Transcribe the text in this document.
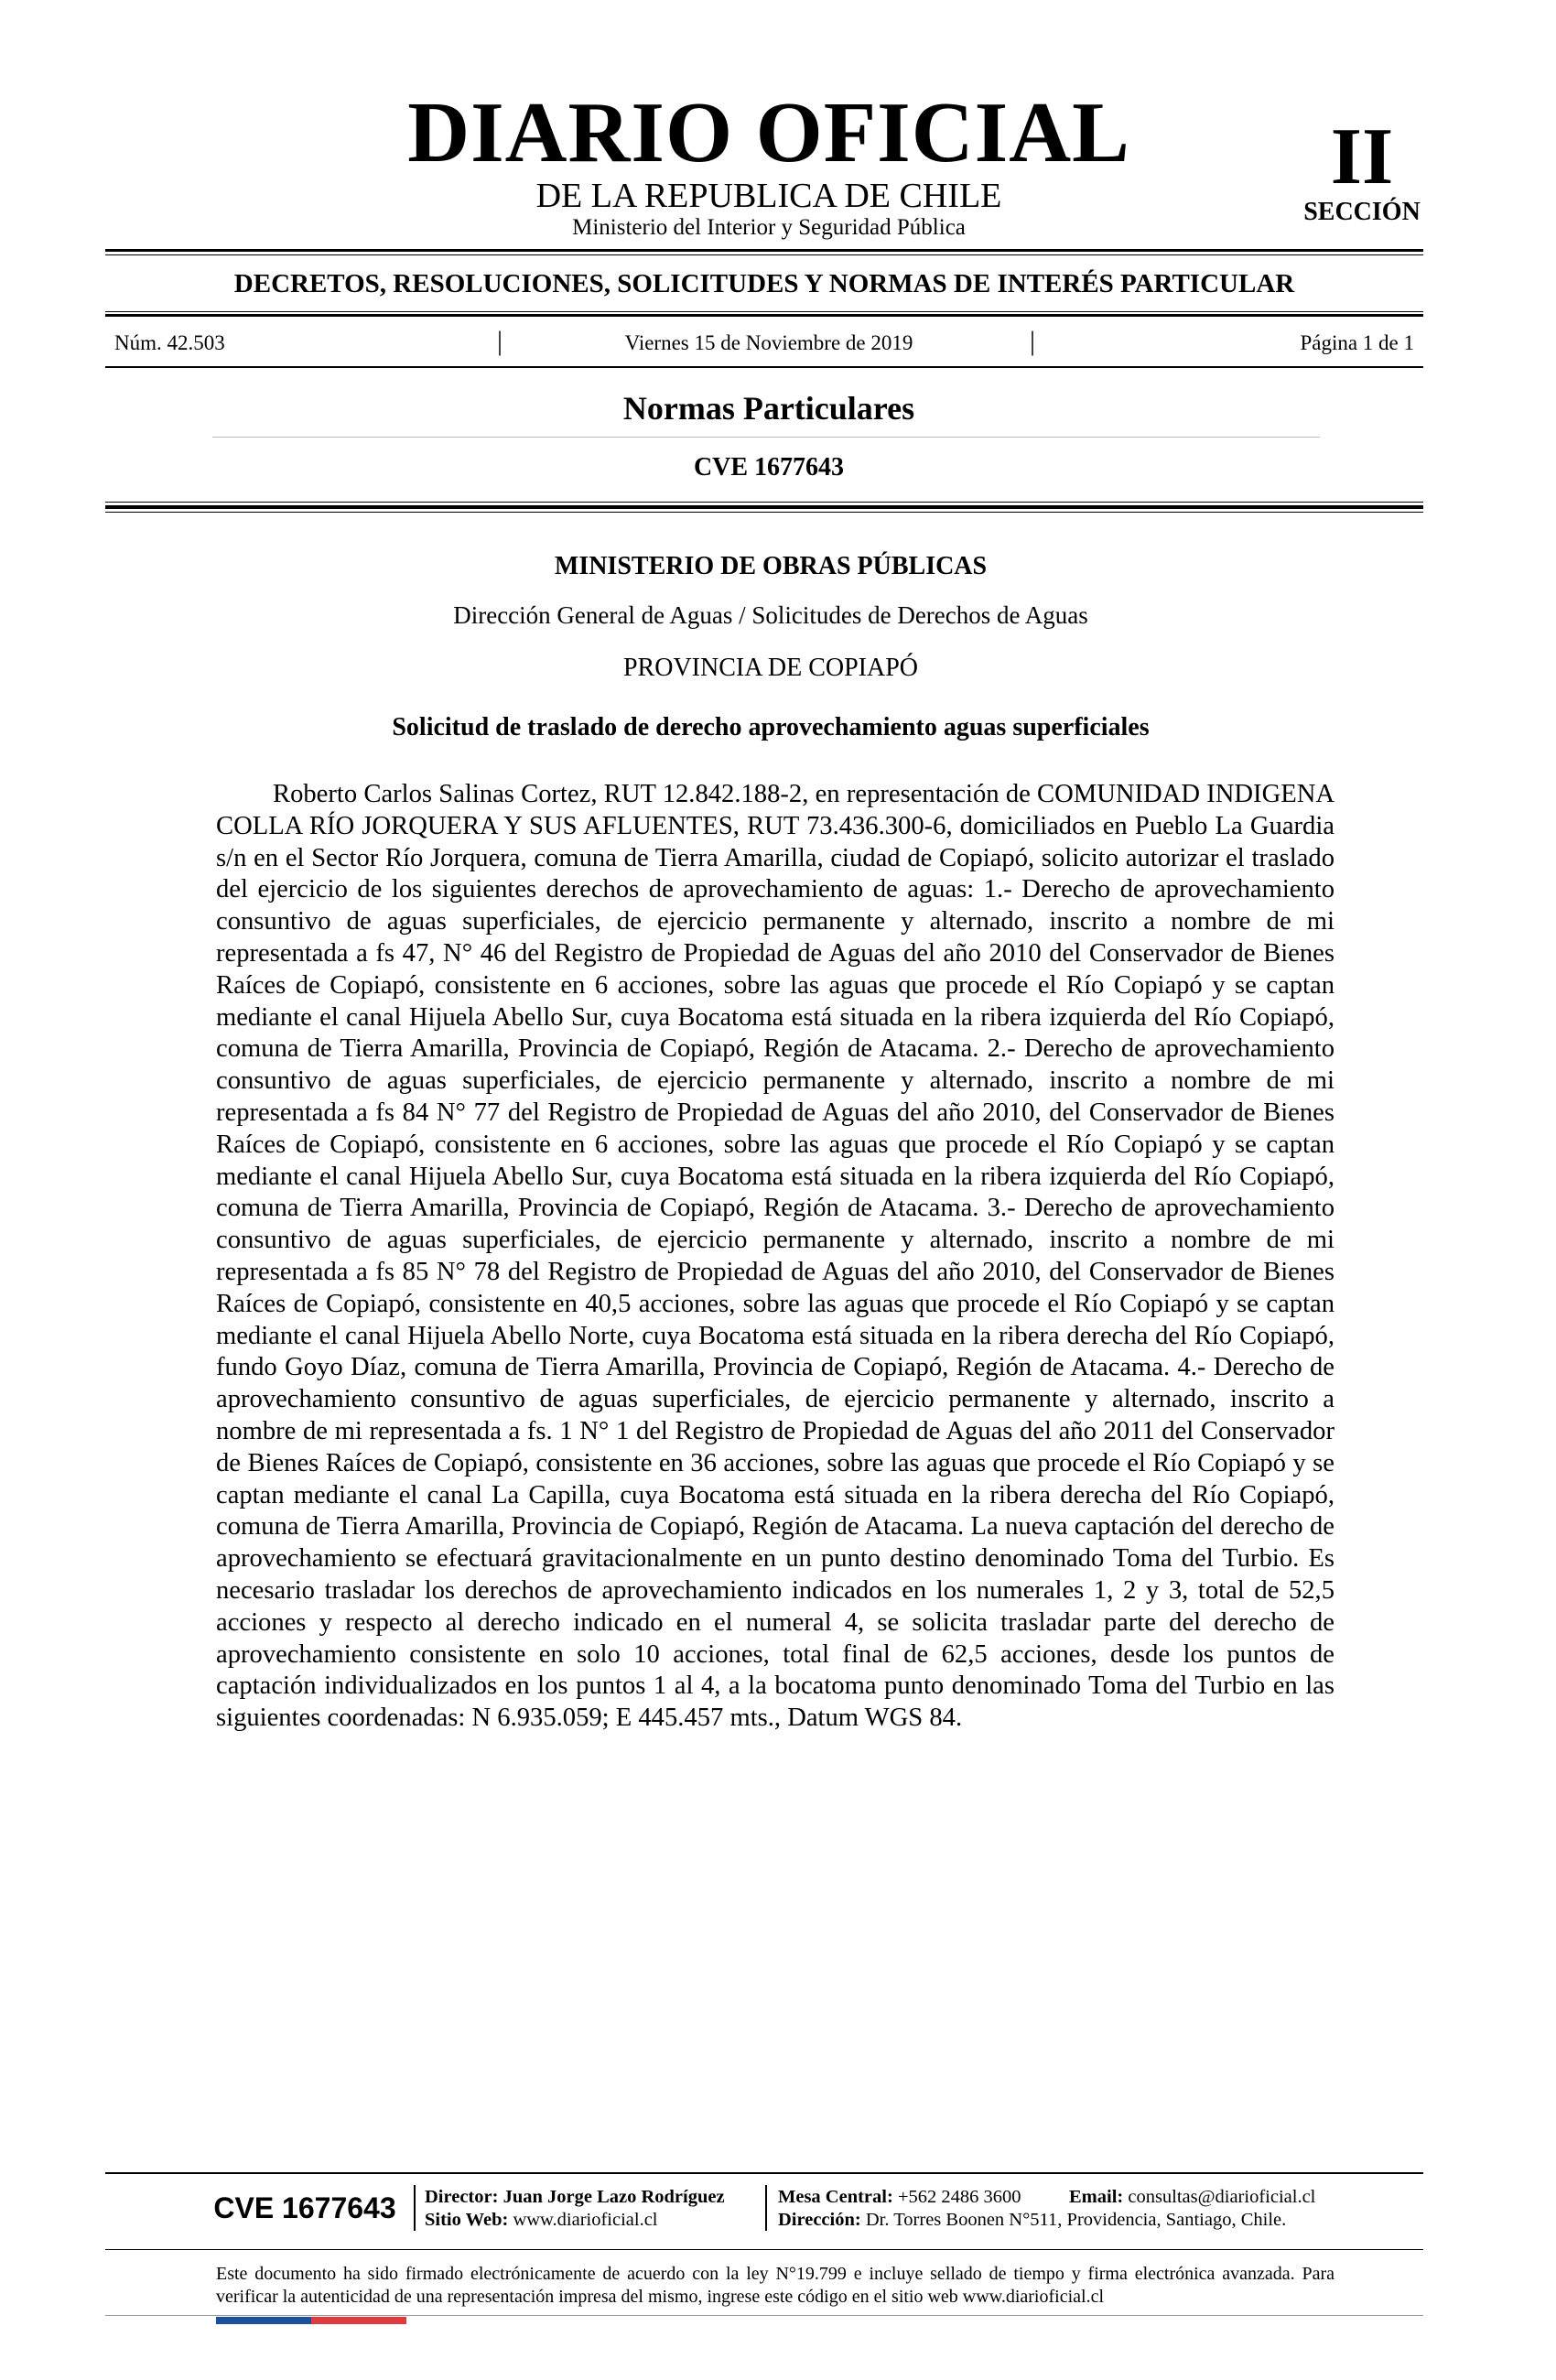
DIARIO OFICIAL
DE LA REPUBLICA DE CHILE
Ministerio del Interior y Seguridad Pública
II
SECCIÓN
DECRETOS, RESOLUCIONES, SOLICITUDES Y NORMAS DE INTERÉS PARTICULAR
Núm. 42.503	|	Viernes 15 de Noviembre de 2019	|	Página 1 de 1
Normas Particulares
CVE 1677643
MINISTERIO DE OBRAS PÚBLICAS
Dirección General de Aguas / Solicitudes de Derechos de Aguas
PROVINCIA DE COPIAPÓ
Solicitud de traslado de derecho aprovechamiento aguas superficiales

Roberto Carlos Salinas Cortez, RUT 12.842.188-2, en representación de COMUNIDAD INDIGENA COLLA RÍO JORQUERA Y SUS AFLUENTES, RUT 73.436.300-6, domiciliados en Pueblo La Guardia s/n en el Sector Río Jorquera, comuna de Tierra Amarilla, ciudad de Copiapó, solicito autorizar el traslado del ejercicio de los siguientes derechos de aprovechamiento de aguas: 1.- Derecho de aprovechamiento consuntivo de aguas superficiales, de ejercicio permanente y alternado, inscrito a nombre de mi representada a fs 47, N° 46 del Registro de Propiedad de Aguas del año 2010 del Conservador de Bienes Raíces de Copiapó, consistente en 6 acciones, sobre las aguas que procede el Río Copiapó y se captan mediante el canal Hijuela Abello Sur, cuya Bocatoma está situada en la ribera izquierda del Río Copiapó, comuna de Tierra Amarilla, Provincia de Copiapó, Región de Atacama. 2.- Derecho de aprovechamiento consuntivo de aguas superficiales, de ejercicio permanente y alternado, inscrito a nombre de mi representada a fs 84 N° 77 del Registro de Propiedad de Aguas del año 2010, del Conservador de Bienes Raíces de Copiapó, consistente en 6 acciones, sobre las aguas que procede el Río Copiapó y se captan mediante el canal Hijuela Abello Sur, cuya Bocatoma está situada en la ribera izquierda del Río Copiapó, comuna de Tierra Amarilla, Provincia de Copiapó, Región de Atacama. 3.- Derecho de aprovechamiento consuntivo de aguas superficiales, de ejercicio permanente y alternado, inscrito a nombre de mi representada a fs 85 N° 78 del Registro de Propiedad de Aguas del año 2010, del Conservador de Bienes Raíces de Copiapó, consistente en 40,5 acciones, sobre las aguas que procede el Río Copiapó y se captan mediante el canal Hijuela Abello Norte, cuya Bocatoma está situada en la ribera derecha del Río Copiapó, fundo Goyo Díaz, comuna de Tierra Amarilla, Provincia de Copiapó, Región de Atacama. 4.- Derecho de aprovechamiento consuntivo de aguas superficiales, de ejercicio permanente y alternado, inscrito a nombre de mi representada a fs. 1 N° 1 del Registro de Propiedad de Aguas del año 2011 del Conservador de Bienes Raíces de Copiapó, consistente en 36 acciones, sobre las aguas que procede el Río Copiapó y se captan mediante el canal La Capilla, cuya Bocatoma está situada en la ribera derecha del Río Copiapó, comuna de Tierra Amarilla, Provincia de Copiapó, Región de Atacama. La nueva captación del derecho de aprovechamiento se efectuará gravitacionalmente en un punto destino denominado Toma del Turbio. Es necesario trasladar los derechos de aprovechamiento indicados en los numerales 1, 2 y 3, total de 52,5 acciones y respecto al derecho indicado en el numeral 4, se solicita trasladar parte del derecho de aprovechamiento consistente en solo 10 acciones, total final de 62,5 acciones, desde los puntos de captación individualizados en los puntos 1 al 4, a la bocatoma punto denominado Toma del Turbio en las siguientes coordenadas: N 6.935.059; E 445.457 mts., Datum WGS 84.

CVE 1677643	Director: Juan Jorge Lazo Rodríguez
Sitio Web: www.diarioficial.cl
Mesa Central: +562 2486 3600	Email: consultas@diarioficial.cl
Dirección: Dr. Torres Boonen N°511, Providencia, Santiago, Chile.
Este documento ha sido firmado electrónicamente de acuerdo con la ley N°19.799 e incluye sellado de tiempo y firma electrónica avanzada. Para verificar la autenticidad de una representación impresa del mismo, ingrese este código en el sitio web www.diarioficial.cl
